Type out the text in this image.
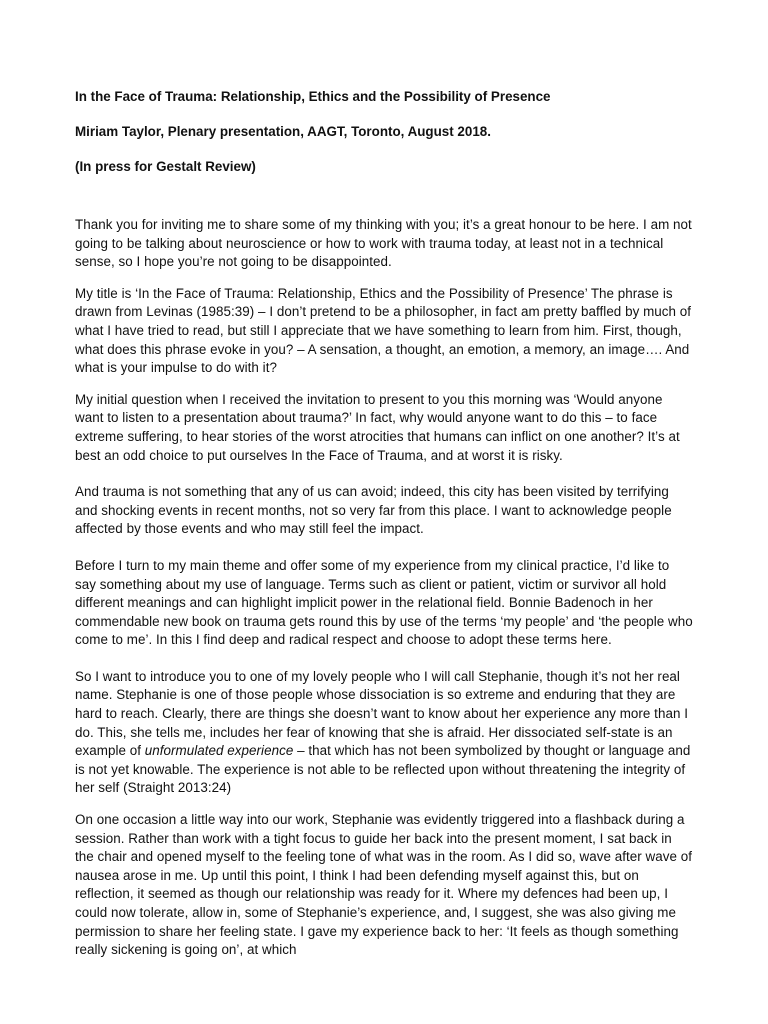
In the Face of Trauma: Relationship, Ethics and the Possibility of Presence

Miriam Taylor, Plenary presentation, AAGT, Toronto, August 2018.

(In press for Gestalt Review)

Thank you for inviting me to share some of my thinking with you; it’s a great honour to be here. I am not going to be talking about neuroscience or how to work with trauma today, at least not in a technical sense, so I hope you’re not going to be disappointed.

My title is ‘In the Face of Trauma: Relationship, Ethics and the Possibility of Presence’ The phrase is drawn from Levinas (1985:39) – I don’t pretend to be a philosopher, in fact am pretty baffled by much of what I have tried to read, but still I appreciate that we have something to learn from him. First, though, what does this phrase evoke in you? – A sensation, a thought, an emotion, a memory, an image…. And what is your impulse to do with it?

My initial question when I received the invitation to present to you this morning was ‘Would anyone want to listen to a presentation about trauma?’ In fact, why would anyone want to do this – to face extreme suffering, to hear stories of the worst atrocities that humans can inflict on one another? It’s at best an odd choice to put ourselves In the Face of Trauma, and at worst it is risky.

And trauma is not something that any of us can avoid; indeed, this city has been visited by terrifying and shocking events in recent months, not so very far from this place. I want to acknowledge people affected by those events and who may still feel the impact.

Before I turn to my main theme and offer some of my experience from my clinical practice, I’d like to say something about my use of language. Terms such as client or patient, victim or survivor all hold different meanings and can highlight implicit power in the relational field. Bonnie Badenoch in her commendable new book on trauma gets round this by use of the terms ‘my people’ and ‘the people who come to me’. In this I find deep and radical respect and choose to adopt these terms here.

So I want to introduce you to one of my lovely people who I will call Stephanie, though it’s not her real name. Stephanie is one of those people whose dissociation is so extreme and enduring that they are hard to reach. Clearly, there are things she doesn’t want to know about her experience any more than I do. This, she tells me, includes her fear of knowing that she is afraid. Her dissociated self-state is an example of unformulated experience – that which has not been symbolized by thought or language and is not yet knowable. The experience is not able to be reflected upon without threatening the integrity of her self (Straight 2013:24)

On one occasion a little way into our work, Stephanie was evidently triggered into a flashback during a session. Rather than work with a tight focus to guide her back into the present moment, I sat back in the chair and opened myself to the feeling tone of what was in the room. As I did so, wave after wave of nausea arose in me. Up until this point, I think I had been defending myself against this, but on reflection, it seemed as though our relationship was ready for it. Where my defences had been up, I could now tolerate, allow in, some of Stephanie’s experience, and, I suggest, she was also giving me permission to share her feeling state. I gave my experience back to her: ‘It feels as though something really sickening is going on’, at which
